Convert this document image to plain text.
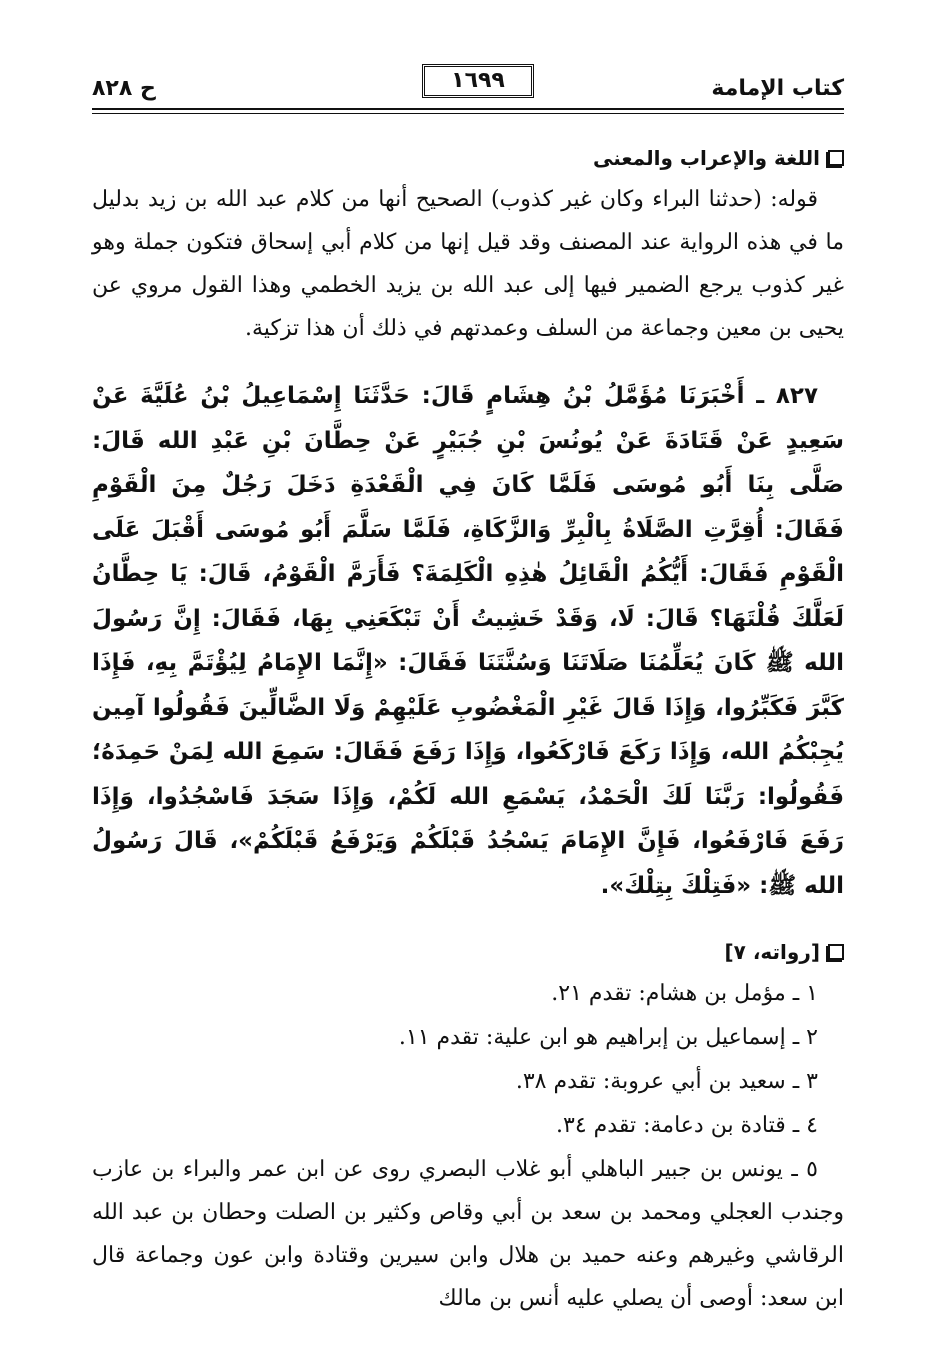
كتاب الإمامة
١٦٩٩
ح ٨٢٨
اللغة والإعراب والمعنى

قوله: (حدثنا البراء وكان غير كذوب) الصحيح أنها من كلام عبد الله بن زيد بدليل ما في هذه الرواية عند المصنف وقد قيل إنها من كلام أبي إسحاق فتكون جملة وهو غير كذوب يرجع الضمير فيها إلى عبد الله بن يزيد الخطمي وهذا القول مروي عن يحيى بن معين وجماعة من السلف وعمدتهم في ذلك أن هذا تزكية.

٨٢٧ ـ أَخْبَرَنَا مُؤَمَّلُ بْنُ هِشَامٍ قَالَ: حَدَّثَنَا إِسْمَاعِيلُ بْنُ عُلَيَّةَ عَنْ سَعِيدٍ عَنْ قَتَادَةَ عَنْ يُونُسَ بْنِ جُبَيْرٍ عَنْ حِطَّانَ بْنِ عَبْدِ الله قَالَ: صَلَّى بِنَا أَبُو مُوسَى فَلَمَّا كَانَ فِي الْقَعْدَةِ دَخَلَ رَجُلٌ مِنَ الْقَوْمِ فَقَالَ: أُقِرَّتِ الصَّلَاةُ بِالْبِرِّ وَالزَّكَاةِ، فَلَمَّا سَلَّمَ أَبُو مُوسَى أَقْبَلَ عَلَى الْقَوْمِ فَقَالَ: أَيُّكُمُ الْقَائِلُ هٰذِهِ الْكَلِمَةَ؟ فَأَرَمَّ الْقَوْمُ، قَالَ: يَا حِطَّانُ لَعَلَّكَ قُلْتَهَا؟ قَالَ: لَا، وَقَدْ خَشِيتُ أَنْ تَبْكَعَنِي بِهَا، فَقَالَ: إِنَّ رَسُولَ الله ﷺ كَانَ يُعَلِّمُنَا صَلَاتَنَا وَسُنَّتَنَا فَقَالَ: «إِنَّمَا الإِمَامُ لِيُؤْتَمَّ بِهِ، فَإِذَا كَبَّرَ فَكَبِّرُوا، وَإِذَا قَالَ غَيْرِ الْمَغْضُوبِ عَلَيْهِمْ وَلَا الضَّالِّينَ فَقُولُوا آمِين يُجِبْكُمُ الله، وَإِذَا رَكَعَ فَارْكَعُوا، وَإِذَا رَفَعَ فَقَالَ: سَمِعَ الله لِمَنْ حَمِدَهُ؛ فَقُولُوا: رَبَّنَا لَكَ الْحَمْدُ، يَسْمَعِ الله لَكُمْ، وَإِذَا سَجَدَ فَاسْجُدُوا، وَإِذَا رَفَعَ فَارْفَعُوا، فَإِنَّ الإِمَامَ يَسْجُدُ قَبْلَكُمْ وَيَرْفَعُ قَبْلَكُمْ»، قَالَ رَسُولُ الله ﷺ: «فَتِلْكَ بِتِلْكَ».

[رواته، ٧]
١ ـ مؤمل بن هشام: تقدم ٢١.
٢ ـ إسماعيل بن إبراهيم هو ابن علية: تقدم ١١.
٣ ـ سعيد بن أبي عروبة: تقدم ٣٨.
٤ ـ قتادة بن دعامة: تقدم ٣٤.

٥ ـ يونس بن جبير الباهلي أبو غلاب البصري روى عن ابن عمر والبراء بن عازب وجندب العجلي ومحمد بن سعد بن أبي وقاص وكثير بن الصلت وحطان بن عبد الله الرقاشي وغيرهم وعنه حميد بن هلال وابن سيرين وقتادة وابن عون وجماعة قال ابن سعد: أوصى أن يصلي عليه أنس بن مالك
